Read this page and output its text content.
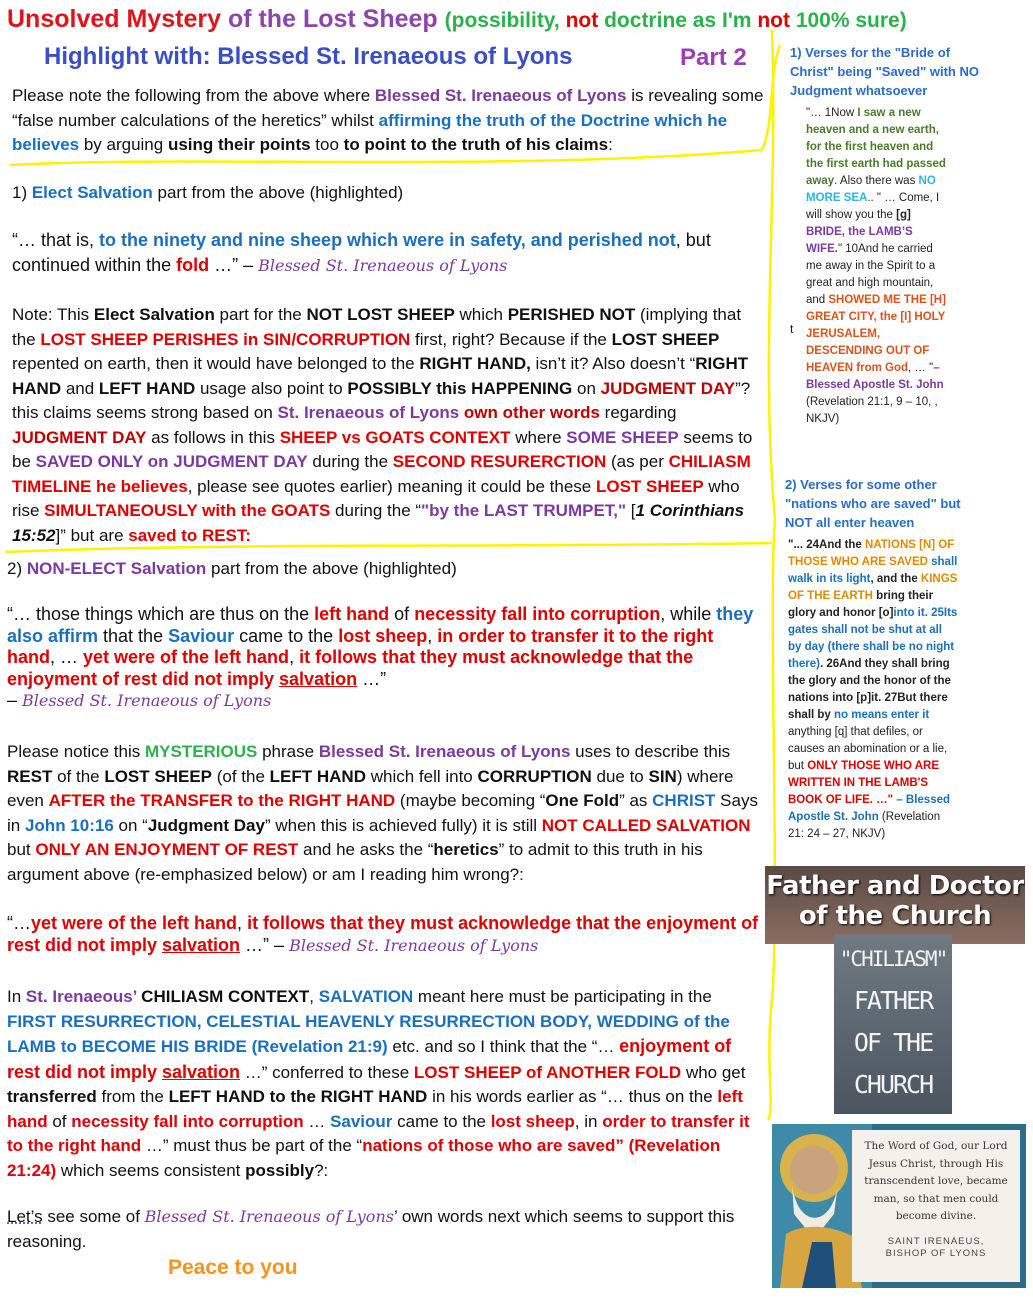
Unsolved Mystery of the Lost Sheep (possibility, not doctrine as I'm not 100% sure)
Highlight with: Blessed St. Irenaeous of Lyons	Part 2
Please note the following from the above where Blessed St. Irenaeous of Lyons is revealing some “false number calculations of the heretics” whilst affirming the truth of the Doctrine which he believes by arguing using their points too to point to the truth of his claims:
1) Elect Salvation part from the above (highlighted)
“… that is, to the ninety and nine sheep which were in safety, and perished not, but continued within the fold …” – Blessed St. Irenaeous of Lyons
Note: This Elect Salvation part for the NOT LOST SHEEP which PERISHED NOT (implying that the LOST SHEEP PERISHES in SIN/CORRUPTION first, right? Because if the LOST SHEEP repented on earth, then it would have belonged to the RIGHT HAND, isn’t it? Also doesn’t “RIGHT HAND and LEFT HAND usage also point to POSSIBLY this HAPPENING on JUDGMENT DAY”? this claims seems strong based on St. Irenaeous of Lyons own other words regarding JUDGMENT DAY as follows in this SHEEP vs GOATS CONTEXT where SOME SHEEP seems to be SAVED ONLY on JUDGMENT DAY during the SECOND RESURERCTION (as per CHILIASM TIMELINE he believes, please see quotes earlier) meaning it could be these LOST SHEEP who rise SIMULTANEOUSLY with the GOATS during the “"by the LAST TRUMPET," [1 Corinthians 15:52]” but are saved to REST:
2) NON-ELECT Salvation part from the above (highlighted)
“… those things which are thus on the left hand of necessity fall into corruption, while they also affirm that the Saviour came to the lost sheep, in order to transfer it to the right hand, … yet were of the left hand, it follows that they must acknowledge that the enjoyment of rest did not imply salvation …”
– Blessed St. Irenaeous of Lyons
Please notice this MYSTERIOUS phrase Blessed St. Irenaeous of Lyons uses to describe this REST of the LOST SHEEP (of the LEFT HAND which fell into CORRUPTION due to SIN) where even AFTER the TRANSFER to the RIGHT HAND (maybe becoming “One Fold” as CHRIST Says in John 10:16 on “Judgment Day” when this is achieved fully) it is still NOT CALLED SALVATION but ONLY AN ENJOYMENT OF REST and he asks the “heretics” to admit to this truth in his argument above (re-emphasized below) or am I reading him wrong?:
“…yet were of the left hand, it follows that they must acknowledge that the enjoyment of rest did not imply salvation …” – Blessed St. Irenaeous of Lyons
In St. Irenaeous’ CHILIASM CONTEXT, SALVATION meant here must be participating in the FIRST RESURRECTION, CELESTIAL HEAVENLY RESURRECTION BODY, WEDDING of the LAMB to BECOME HIS BRIDE (Revelation 21:9) etc. and so I think that the “… enjoyment of rest did not imply salvation …” conferred to these LOST SHEEP of ANOTHER FOLD who get transferred from the LEFT HAND to the RIGHT HAND in his words earlier as “… thus on the left hand of necessity fall into corruption … Saviour came to the lost sheep, in order to transfer it to the right hand …” must thus be part of the “nations of those who are saved” (Revelation 21:24) which seems consistent possibly?:
Let’s see some of Blessed St. Irenaeous of Lyons’ own words next which seems to support this reasoning.
Peace to you
1) Verses for the "Bride of Christ" being "Saved" with NO Judgment whatsoever
"… 1Now I saw a new heaven and a new earth, for the first heaven and the first earth had passed away. Also there was NO MORE SEA.. " … Come, I will show you the [g] BRIDE, the LAMB’S WIFE." 10And he carried me away in the Spirit to a great and high mountain, and SHOWED ME THE [H] GREAT CITY, the [I] HOLY JERUSALEM, DESCENDING OUT OF HEAVEN from God, … "– Blessed Apostle St. John (Revelation 21:1, 9 – 10, , NKJV)
t
2) Verses for some other "nations who are saved" but NOT all enter heaven
"... 24And the NATIONS [N] OF THOSE WHO ARE SAVED shall walk in its light, and the KINGS OF THE EARTH bring their glory and honor [o]into it. 25Its gates shall not be shut at all by day (there shall be no night there). 26And they shall bring the glory and the honor of the nations into [p]it. 27But there shall by no means enter it anything [q] that defiles, or causes an abomination or a lie, but ONLY THOSE WHO ARE WRITTEN IN THE LAMB'S BOOK OF LIFE. …" – Blessed Apostle St. John (Revelation 21: 24 – 27, NKJV)
Father and Doctor of the Church
"CHILIASM"
FATHER
OF THE
CHURCH
The Word of God, our Lord Jesus Christ, through His transcendent love, became man, so that men could become divine.
SAINT IRENAEUS,
BISHOP OF LYONS
